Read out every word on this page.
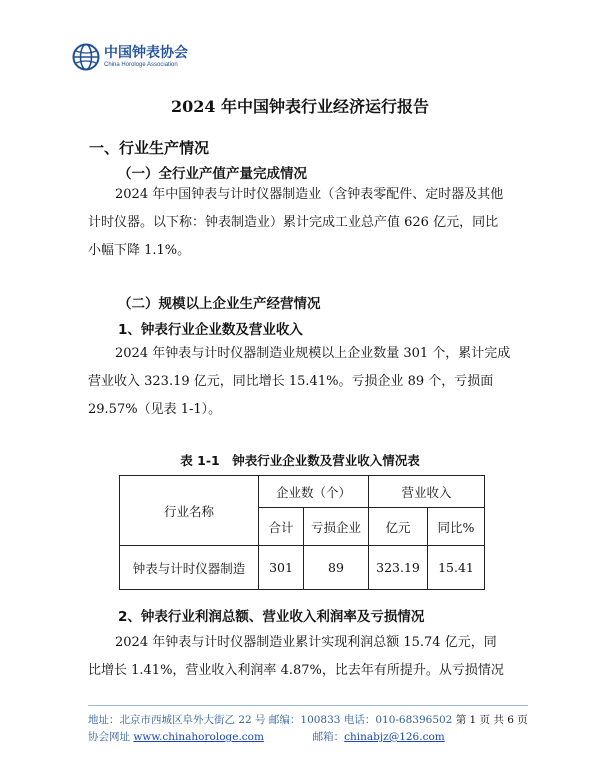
中国钟表协会
China Horologe Association
2024 年中国钟表行业经济运行报告
一、行业生产情况
（一）全行业产值产量完成情况
2024 年中国钟表与计时仪器制造业（含钟表零配件、定时器及其他
计时仪器。以下称：钟表制造业）累计完成工业总产值 626 亿元，同比
小幅下降 1.1%。
（二）规模以上企业生产经营情况
1、钟表行业企业数及营业收入
2024 年钟表与计时仪器制造业规模以上企业数量 301 个，累计完成
营业收入 323.19 亿元，同比增长 15.41%。亏损企业 89 个，亏损面
29.57%（见表 1-1）。
表 1-1　钟表行业企业数及营业收入情况表
行业名称	企业数（个）		营业收入	
	合计	亏损企业	亿元	同比%
钟表与计时仪器制造	301	89	323.19	15.41
2、钟表行业利润总额、营业收入利润率及亏损情况
2024 年钟表与计时仪器制造业累计实现利润总额 15.74 亿元，同
比增长 1.41%，营业收入利润率 4.87%，比去年有所提升。从亏损情况
地址：北京市西城区阜外大街乙 22 号 邮编：100833 电话：010-68396502 第 1 页 共 6 页
协会网址 www.chinahorologe.com	邮箱：chinabjz@126.com
